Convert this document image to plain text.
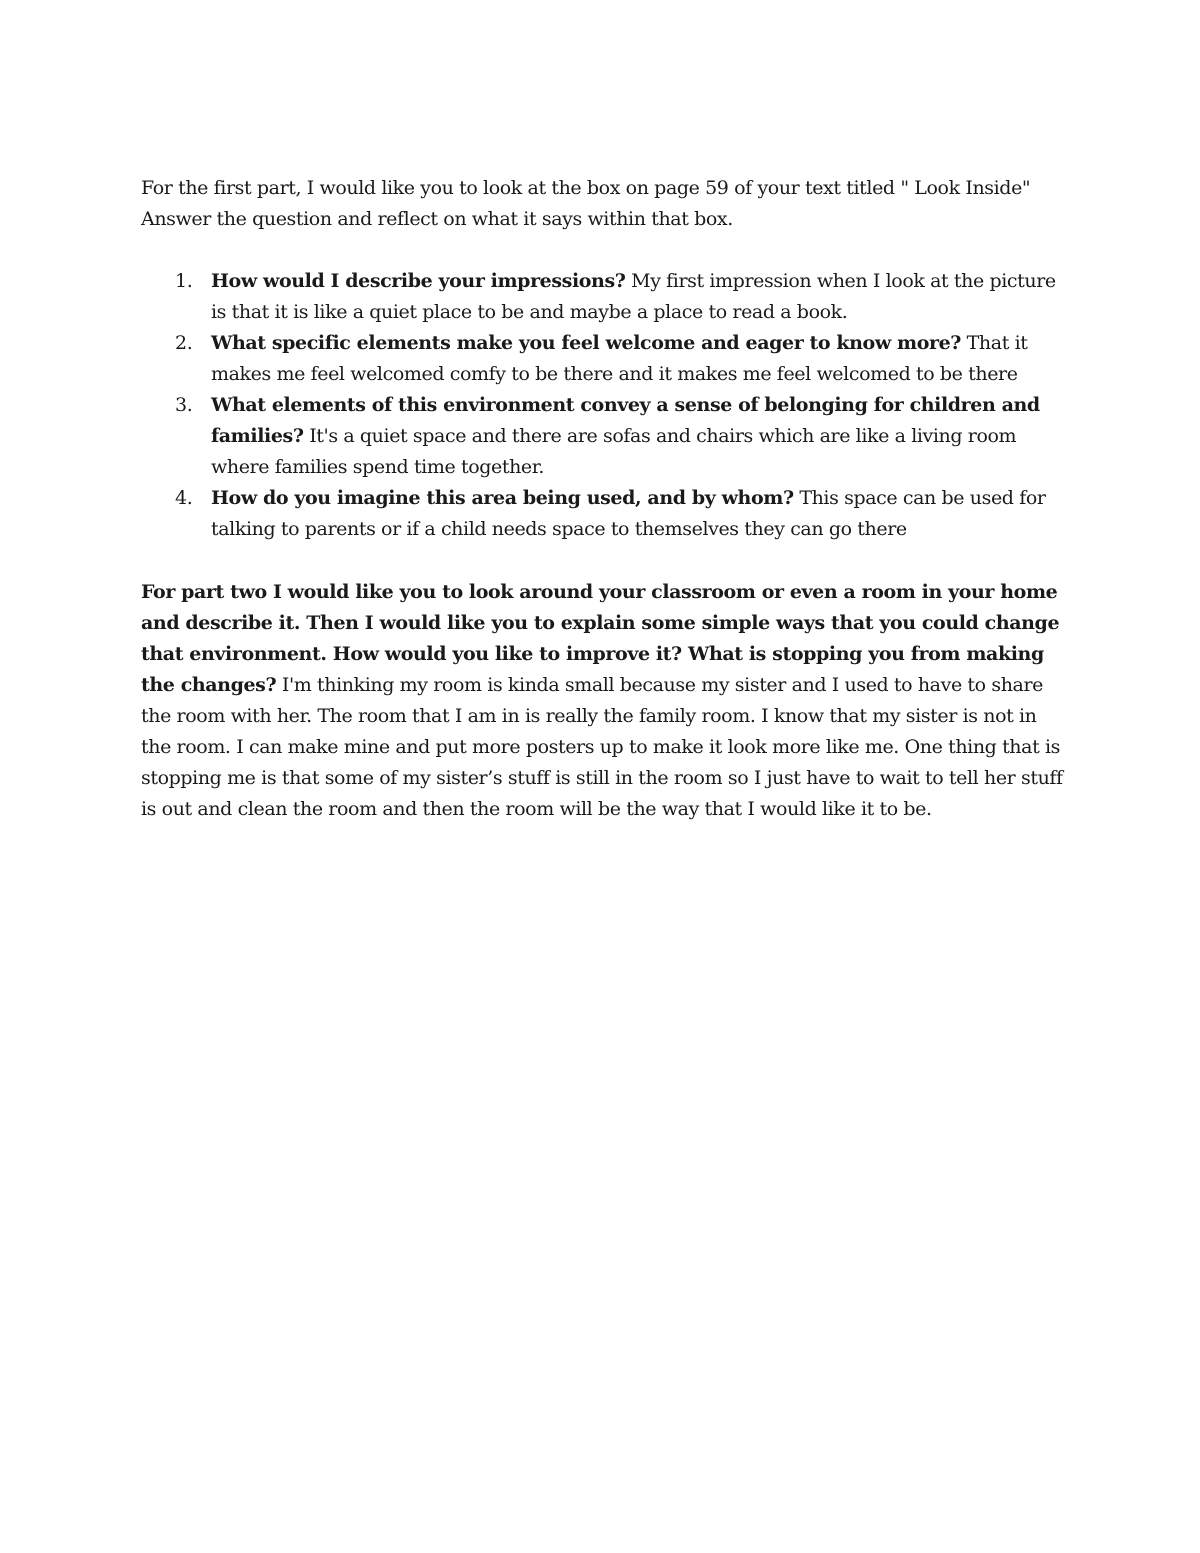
For the first part, I would like you to look at the box on page 59 of your text titled " Look Inside" Answer the question and reflect on what it says within that box.

1. How would I describe your impressions? My first impression when I look at the picture is that it is like a quiet place to be and maybe a place to read a book.
2. What specific elements make you feel welcome and eager to know more? That it makes me feel welcomed comfy to be there and it makes me feel welcomed to be there
3. What elements of this environment convey a sense of belonging for children and families? It's a quiet space and there are sofas and chairs which are like a living room where families spend time together.
4. How do you imagine this area being used, and by whom? This space can be used for talking to parents or if a child needs space to themselves they can go there

For part two I would like you to look around your classroom or even a room in your home and describe it. Then I would like you to explain some simple ways that you could change that environment. How would you like to improve it? What is stopping you from making the changes? I'm thinking my room is kinda small because my sister and I used to have to share the room with her. The room that I am in is really the family room. I know that my sister is not in the room. I can make mine and put more posters up to make it look more like me. One thing that is stopping me is that some of my sister’s stuff is still in the room so I just have to wait to tell her stuff is out and clean the room and then the room will be the way that I would like it to be.
